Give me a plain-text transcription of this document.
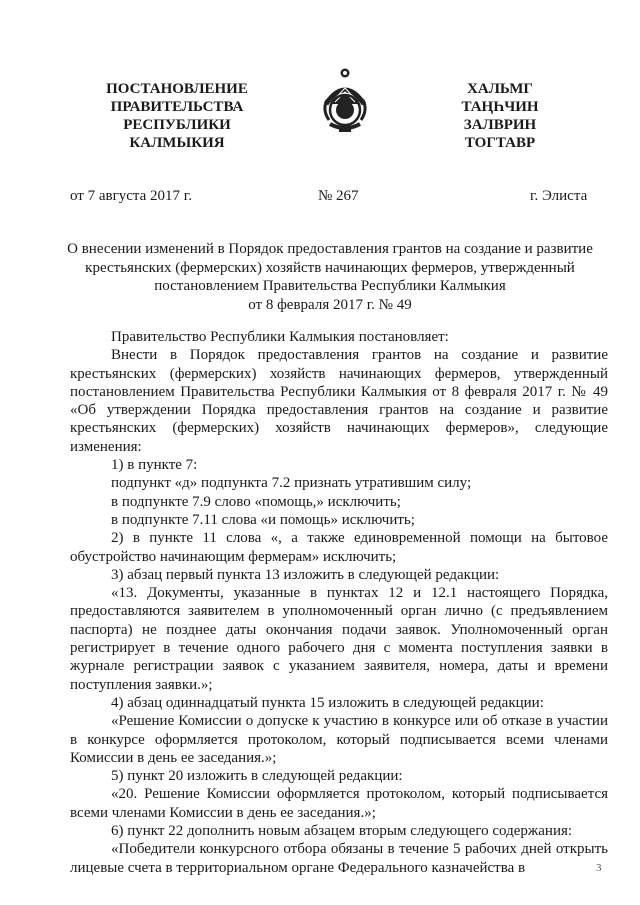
ПОСТАНОВЛЕНИЕ
ПРАВИТЕЛЬСТВА
РЕСПУБЛИКИ
КАЛМЫКИЯ
ХАЛЬМГ
ТАҢҺЧИН
ЗАЛВРИН
ТОГТАВР
от 7 августа 2017 г.	№ 267	г. Элиста
О внесении изменений в Порядок предоставления грантов на создание и развитие
крестьянских (фермерских) хозяйств начинающих фермеров, утвержденный
постановлением Правительства Республики Калмыкия
от 8 февраля 2017 г. № 49

Правительство Республики Калмыкия постановляет:

Внести в Порядок предоставления грантов на создание и развитие крестьянских (фермерских) хозяйств начинающих фермеров, утвержденный постановлением Правительства Республики Калмыкия от 8 февраля 2017 г. № 49 «Об утверждении Порядка предоставления грантов на создание и развитие крестьянских (фермерских) хозяйств начинающих фермеров», следующие изменения:

1) в пункте 7:

подпункт «д» подпункта 7.2 признать утратившим силу;

в подпункте 7.9 слово «помощь,» исключить;

в подпункте 7.11 слова «и помощь» исключить;

2) в пункте 11 слова «, а также единовременной помощи на бытовое обустройство начинающим фермерам» исключить;

3) абзац первый пункта 13 изложить в следующей редакции:

«13. Документы, указанные в пунктах 12 и 12.1 настоящего Порядка, предоставляются заявителем в уполномоченный орган лично (с предъявлением паспорта) не позднее даты окончания подачи заявок. Уполномоченный орган регистрирует в течение одного рабочего дня с момента поступления заявки в журнале регистрации заявок с указанием заявителя, номера, даты и времени поступления заявки.»;

4) абзац одиннадцатый пункта 15 изложить в следующей редакции:

«Решение Комиссии о допуске к участию в конкурсе или об отказе в участии в конкурсе оформляется протоколом, который подписывается всеми членами Комиссии в день ее заседания.»;

5) пункт 20 изложить в следующей редакции:

«20. Решение Комиссии оформляется протоколом, который подписывается всеми членами Комиссии в день ее заседания.»;

6) пункт 22 дополнить новым абзацем вторым следующего содержания:

«Победители конкурсного отбора обязаны в течение 5 рабочих дней открыть лицевые счета в территориальном органе Федерального казначейства в	3
